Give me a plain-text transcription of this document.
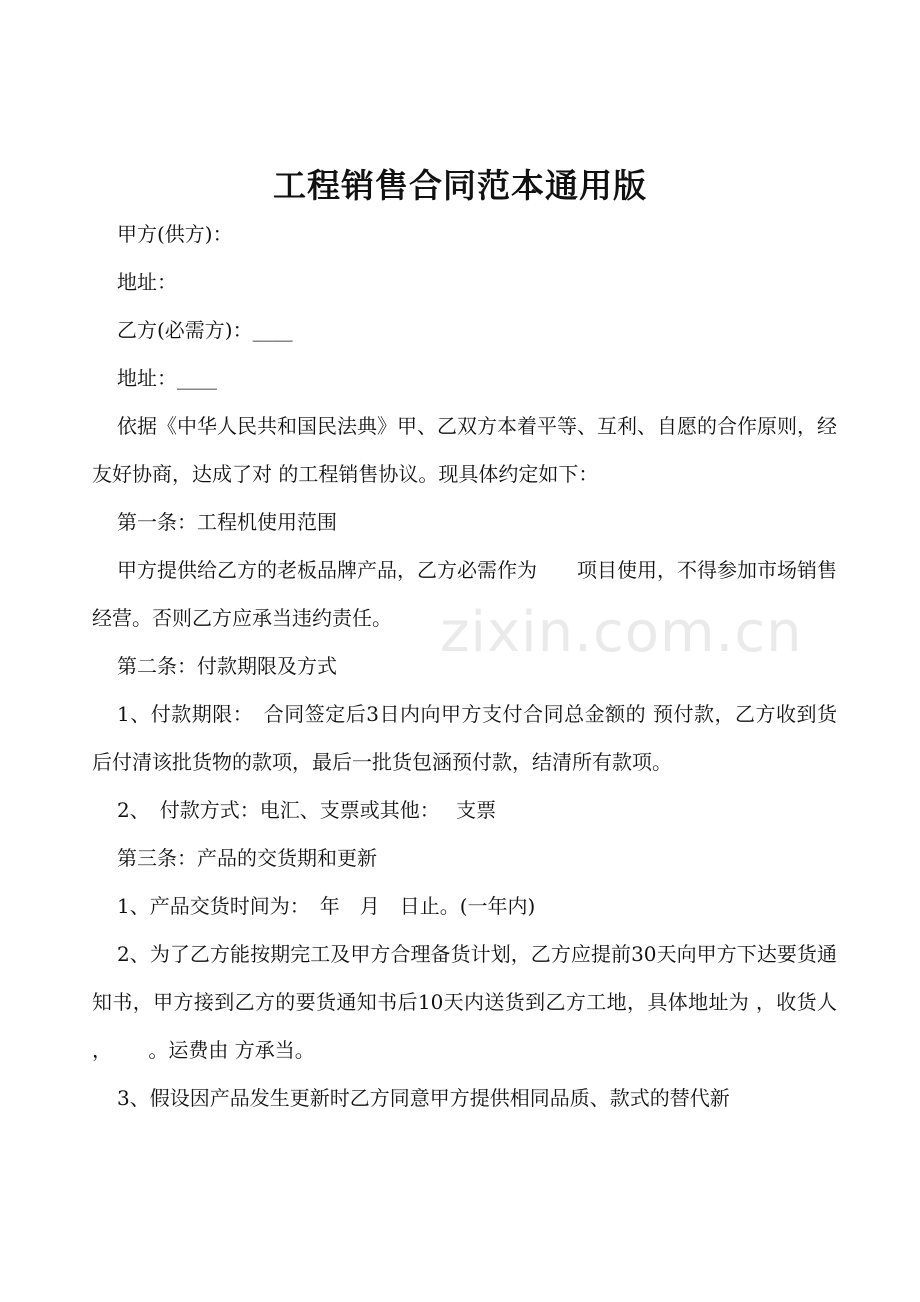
工程销售合同范本通用版

甲方(供方)：

地址：

乙方(必需方)：____

地址：____

依据《中华人民共和国民法典》甲、乙双方本着平等、互利、自愿的合作原则，经友好协商，达成了对 的工程销售协议。现具体约定如下：

第一条：工程机使用范围

甲方提供给乙方的老板品牌产品，乙方必需作为　　项目使用，不得参加市场销售经营。否则乙方应承当违约责任。

第二条：付款期限及方式

1、付款期限：　合同签定后3日内向甲方支付合同总金额的 预付款，乙方收到货后付清该批货物的款项，最后一批货包涵预付款，结清所有款项。

2、　付款方式：电汇、支票或其他：　 支票

第三条：产品的交货期和更新

1、产品交货时间为：　年　月　日止。(一年内)

2、为了乙方能按期完工及甲方合理备货计划，乙方应提前30天向甲方下达要货通知书，甲方接到乙方的要货通知书后10天内送货到乙方工地，具体地址为 ，收货人 ，　　 。运费由 方承当。

3、假设因产品发生更新时乙方同意甲方提供相同品质、款式的替代新

zixin.com.cn
